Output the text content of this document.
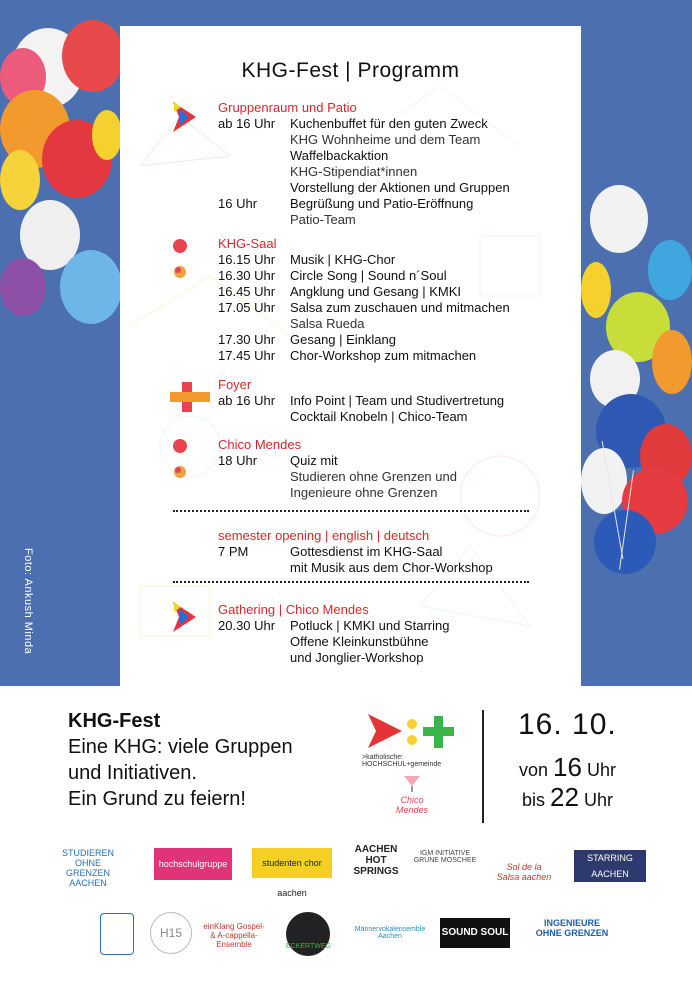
Foto: Ankush Minda
KHG-Fest | Programm
Gruppenraum und Patio
ab 16 Uhr	Kuchenbuffet für den guten Zweck
KHG Wohnheime und dem Team
Waffelbackaktion
KHG-Stipendiat*innen
Vorstellung der Aktionen und Gruppen
16 Uhr	Begrüßung und Patio-Eröffnung
Patio-Team
KHG-Saal
16.15 Uhr	Musik | KHG-Chor
16.30 Uhr	Circle Song | Sound n´Soul
16.45 Uhr	Angklung und Gesang | KMKI
17.05 Uhr	Salsa zum zuschauen und mitmachen
Salsa Rueda
17.30 Uhr	Gesang | Einklang
17.45 Uhr	Chor-Workshop zum mitmachen
Foyer
ab 16 Uhr	Info Point | Team und Studivertretung
Cocktail Knobeln | Chico-Team
Chico Mendes
18 Uhr	Quiz mit
Studieren ohne Grenzen und
Ingenieure ohne Grenzen
semester opening | english | deutsch
7 PM	Gottesdienst im KHG-Saal
mit Musik aus dem Chor-Workshop
Gathering | Chico Mendes
20.30 Uhr	Potluck | KMKI und Starring
Offene Kleinkunstbühne
und Jonglier-Workshop
KHG-Fest
Eine KHG: viele Gruppen
und Initiativen.
Ein Grund zu feiern!
>katholische: HOCHSCHUL+gemeinde
Chico Mendes
16. 10.
von 16 Uhr
bis 22 Uhr
STUDIEREN OHNE GRENZEN AACHEN
hochschulgruppe aachen
studenten chor aachen
AACHEN HOT SPRINGS
IGM INITIATIVE GRÜNE MOSCHEE
Sol de la Salsa aachen
STARRING AACHEN
H15	einKlang Gospel- & A-cappella-Ensemble	ECKERTWEG
Männervokalensemble Aachen	SOUND SOUL
INGENIEURE OHNE GRENZEN
